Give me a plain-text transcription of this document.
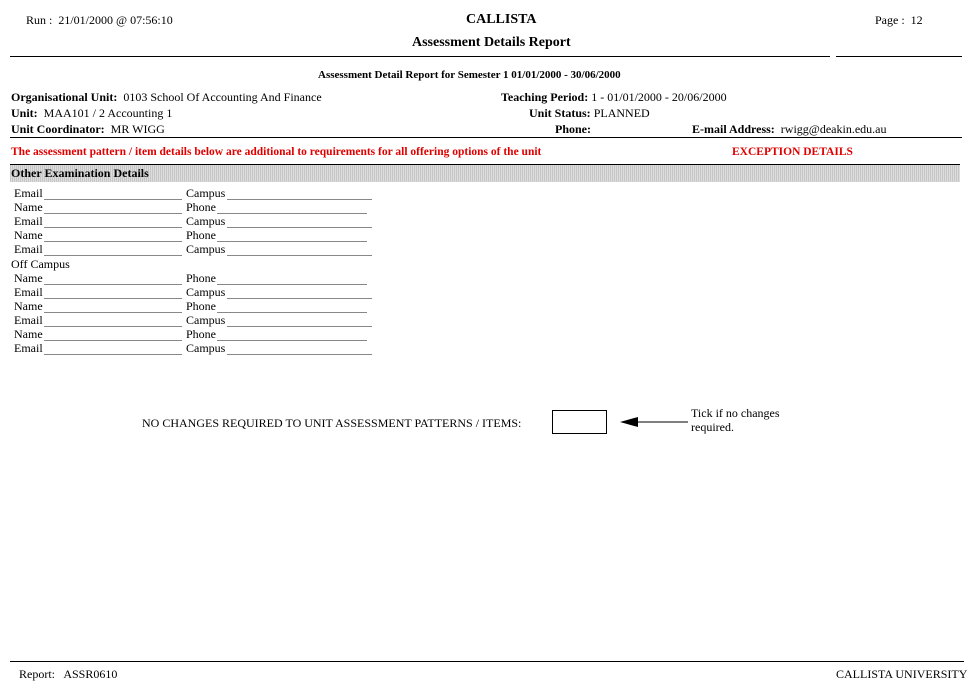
Run : 21/01/2000 @ 07:56:10	CALLISTA
Assessment Details Report
Page : 12
Assessment Detail Report for Semester 1 01/01/2000 - 30/06/2000
Organisational Unit: 0103 School Of Accounting And Finance	Teaching Period: 1 - 01/01/2000 - 20/06/2000
Unit: MAA101 / 2 Accounting 1	Unit Status: PLANNED
Unit Coordinator: MR WIGG	Phone:	E-mail Address: rwigg@deakin.edu.au
The assessment pattern / item details below are additional to requirements for all offering options of the unit	EXCEPTION DETAILS
Other Examination Details
Email	Campus
Name	Phone
Email	Campus
Name	Phone
Email	Campus
Off Campus
Name	Phone
Email	Campus
Name	Phone
Email	Campus
Name	Phone
Email	Campus
NO CHANGES REQUIRED TO UNIT ASSESSMENT PATTERNS / ITEMS:
Tick if no changes
required.
Report: ASSR0610	CALLISTA UNIVERSITY
